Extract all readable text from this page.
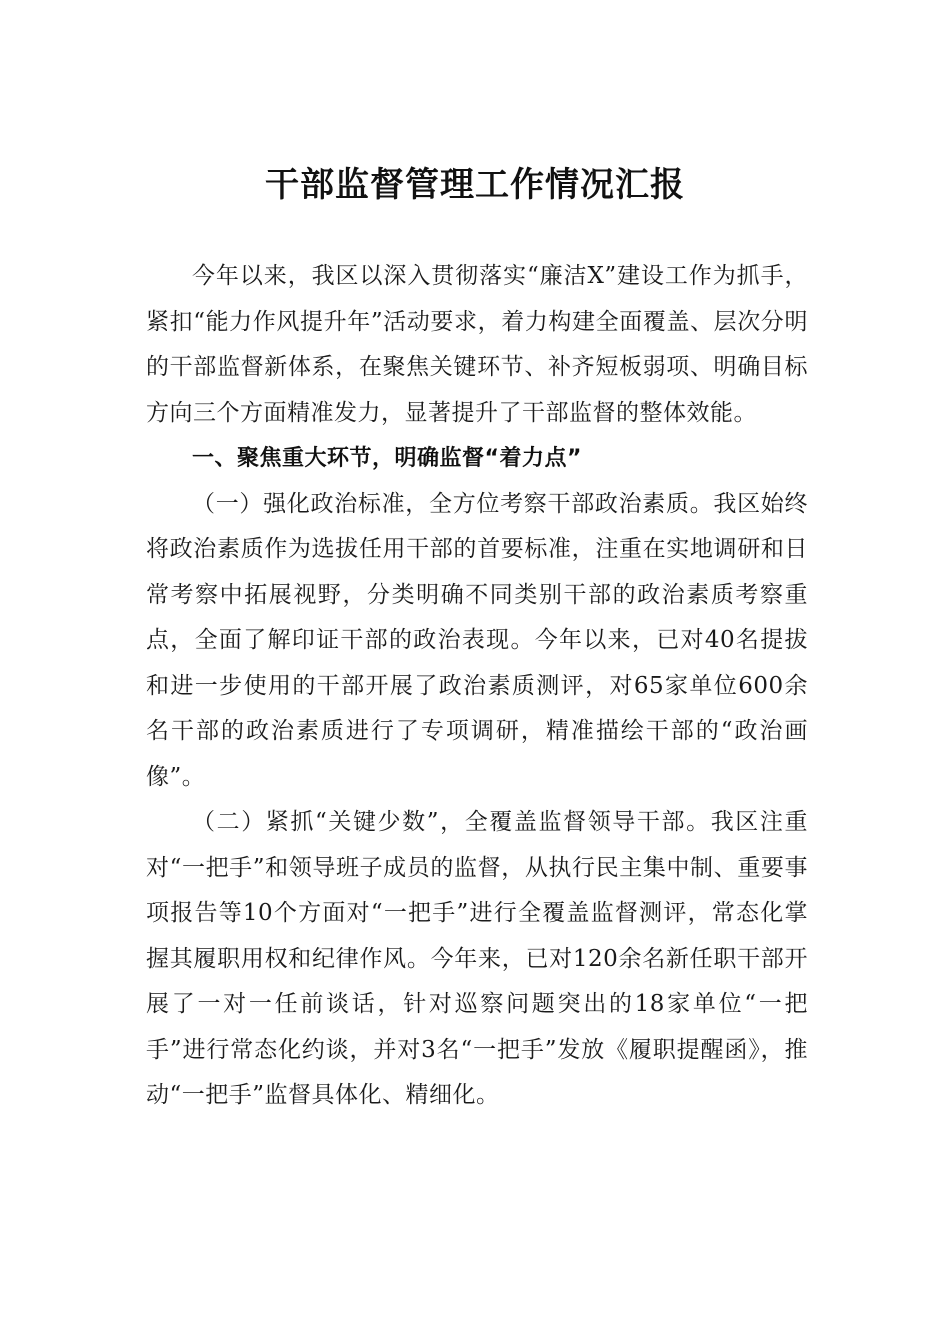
干部监督管理工作情况汇报

今年以来，我区以深入贯彻落实“廉洁X”建设工作为抓手，紧扣“能力作风提升年”活动要求，着力构建全面覆盖、层次分明的干部监督新体系，在聚焦关键环节、补齐短板弱项、明确目标方向三个方面精准发力，显著提升了干部监督的整体效能。

一、聚焦重大环节，明确监督“着力点”

（一）强化政治标准，全方位考察干部政治素质。我区始终将政治素质作为选拔任用干部的首要标准，注重在实地调研和日常考察中拓展视野，分类明确不同类别干部的政治素质考察重点，全面了解印证干部的政治表现。今年以来，已对40名提拔和进一步使用的干部开展了政治素质测评，对65家单位600余名干部的政治素质进行了专项调研，精准描绘干部的“政治画像”。

（二）紧抓“关键少数”，全覆盖监督领导干部。我区注重对“一把手”和领导班子成员的监督，从执行民主集中制、重要事项报告等10个方面对“一把手”进行全覆盖监督测评，常态化掌握其履职用权和纪律作风。今年来，已对120余名新任职干部开展了一对一任前谈话，针对巡察问题突出的18家单位“一把手”进行常态化约谈，并对3名“一把手”发放《履职提醒函》，推动“一把手”监督具体化、精细化。
